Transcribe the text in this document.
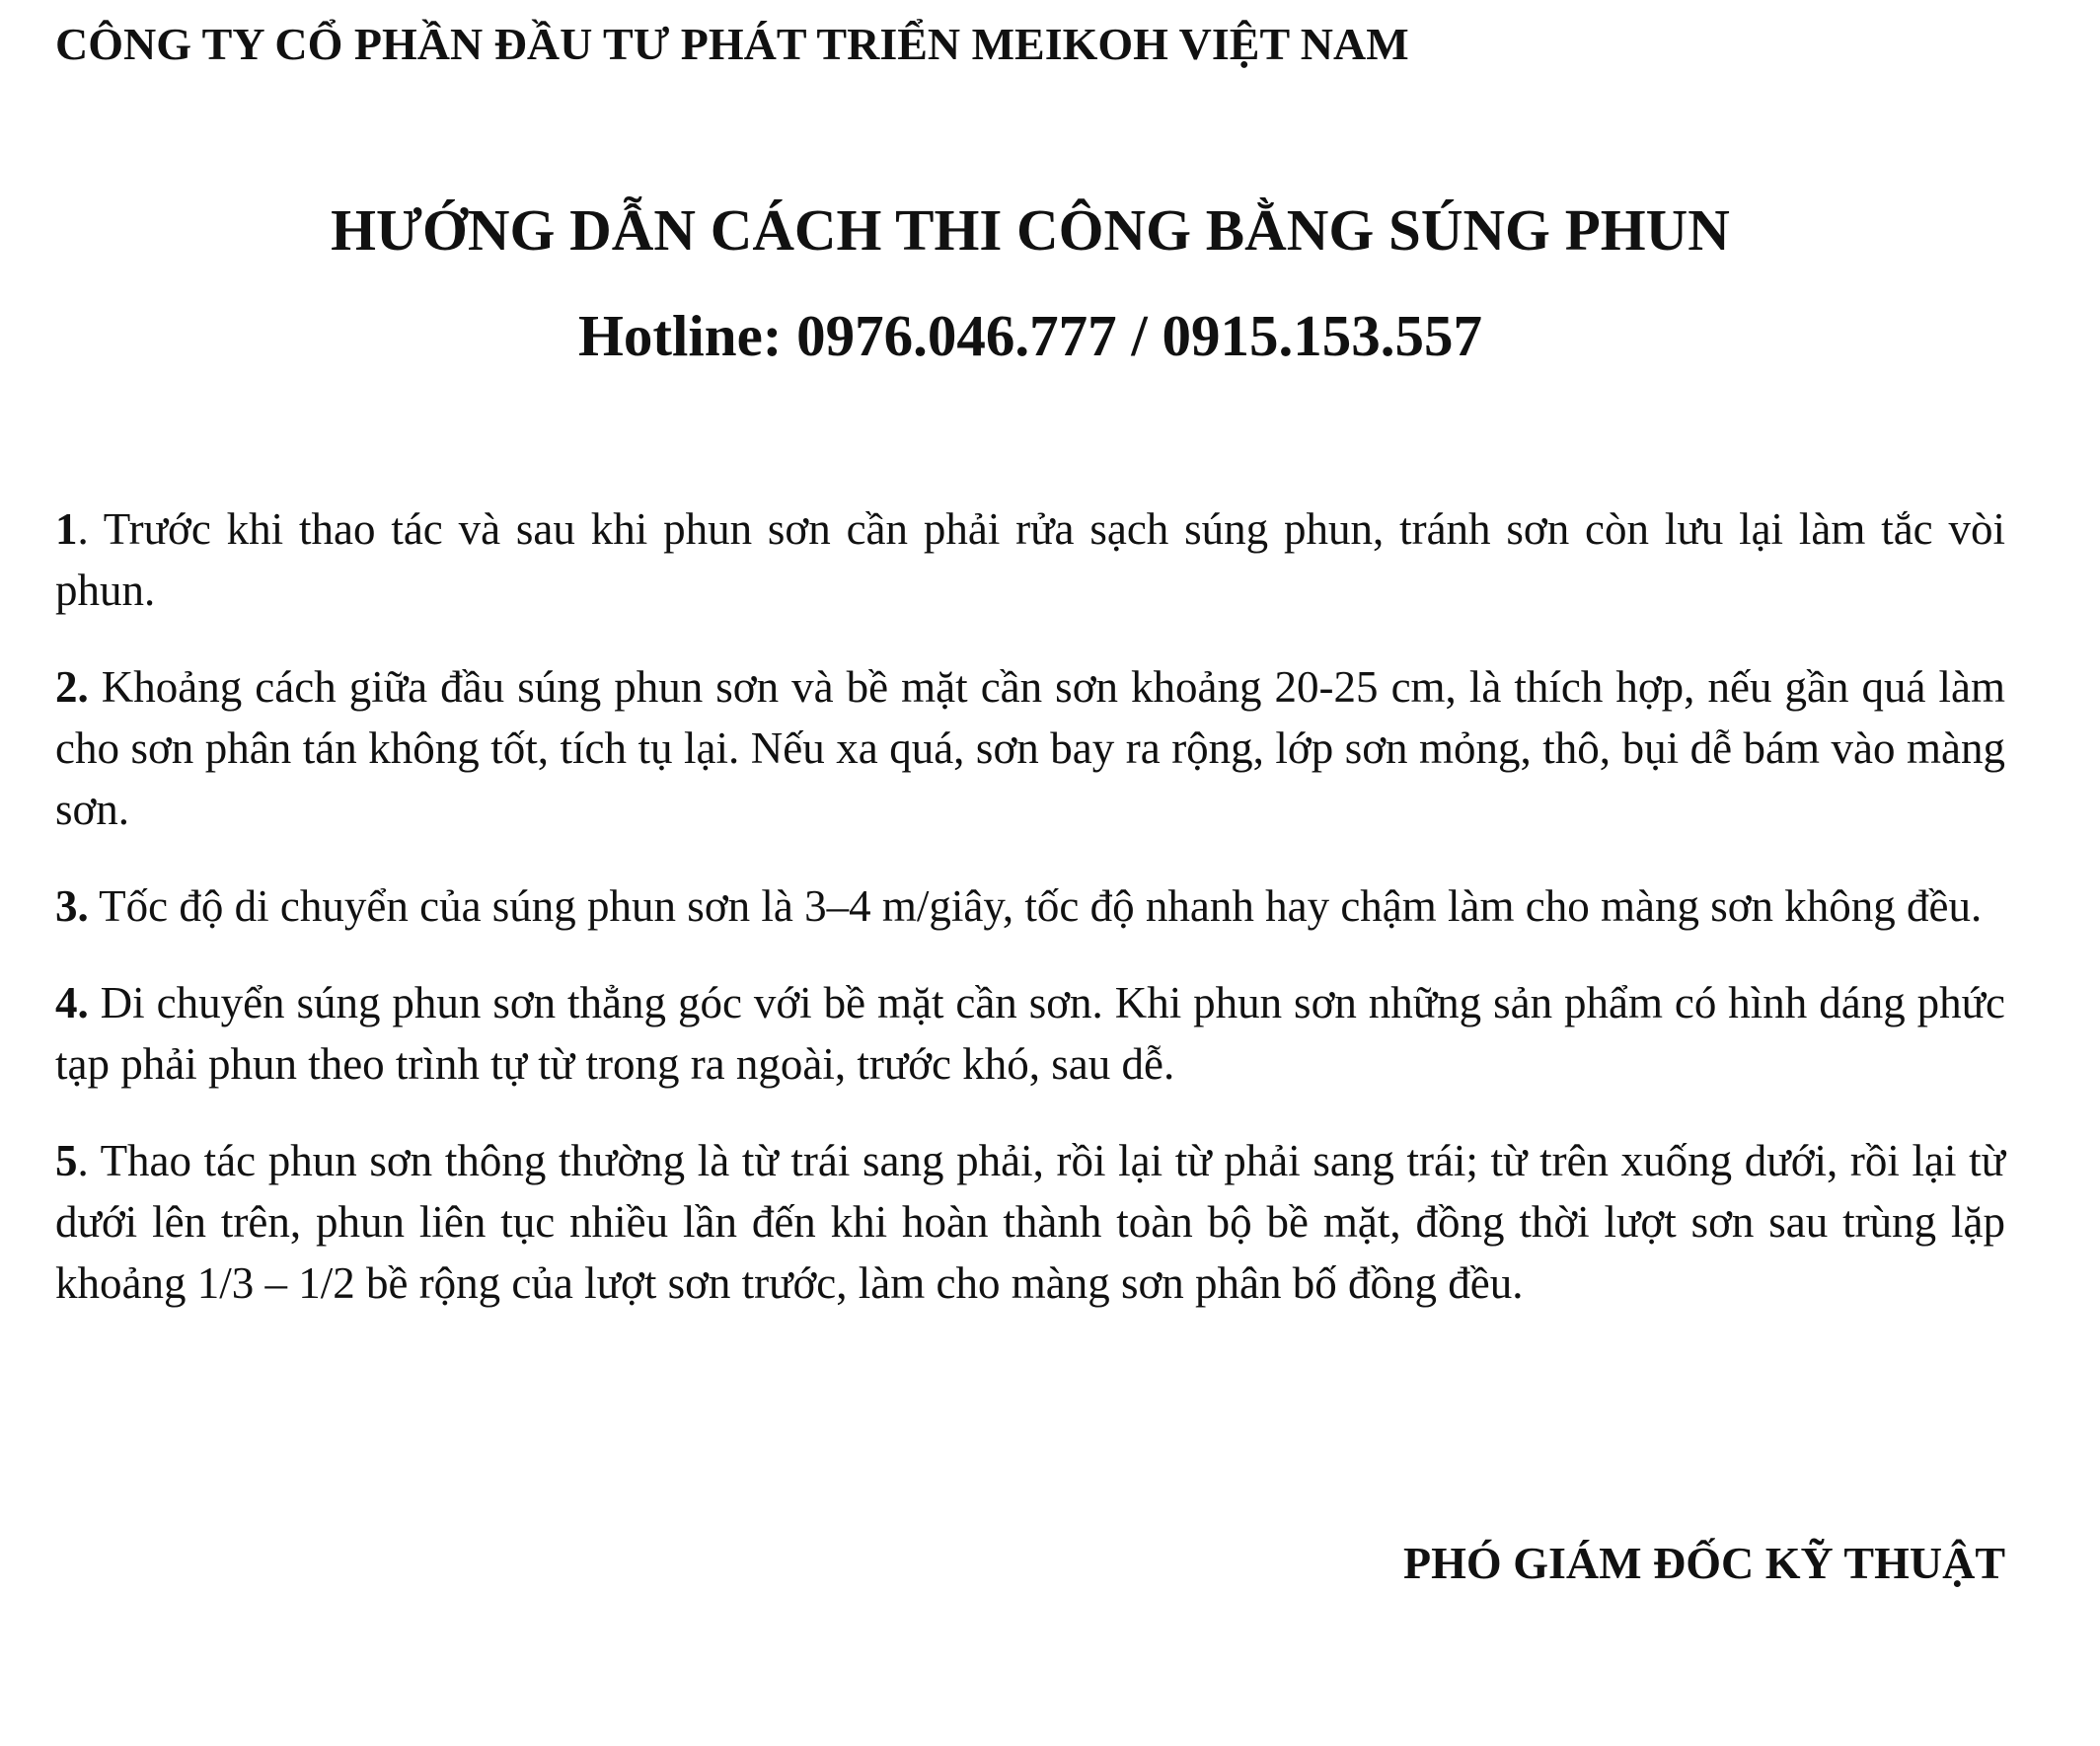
CÔNG TY CỔ PHẦN ĐẦU TƯ PHÁT TRIỂN MEIKOH VIỆT NAM
HƯỚNG DẪN CÁCH THI CÔNG BẰNG SÚNG PHUN
Hotline: 0976.046.777 / 0915.153.557

1. Trước khi thao tác và sau khi phun sơn cần phải rửa sạch súng phun, tránh sơn còn lưu lại làm tắc vòi phun.

2. Khoảng cách giữa đầu súng phun sơn và bề mặt cần sơn khoảng 20-25 cm, là thích hợp, nếu gần quá làm cho sơn phân tán không tốt, tích tụ lại. Nếu xa quá, sơn bay ra rộng, lớp sơn mỏng, thô, bụi dễ bám vào màng sơn.

3. Tốc độ di chuyển của súng phun sơn là 3–4 m/giây, tốc độ nhanh hay chậm làm cho màng sơn không đều.

4. Di chuyển súng phun sơn thẳng góc với bề mặt cần sơn. Khi phun sơn những sản phẩm có hình dáng phức tạp phải phun theo trình tự từ trong ra ngoài, trước khó, sau dễ.

5. Thao tác phun sơn thông thường là từ trái sang phải, rồi lại từ phải sang trái; từ trên xuống dưới, rồi lại từ dưới lên trên, phun liên tục nhiều lần đến khi hoàn thành toàn bộ bề mặt, đồng thời lượt sơn sau trùng lặp khoảng 1/3 – 1/2 bề rộng của lượt sơn trước, làm cho màng sơn phân bố đồng đều.

PHÓ GIÁM ĐỐC KỸ THUẬT
